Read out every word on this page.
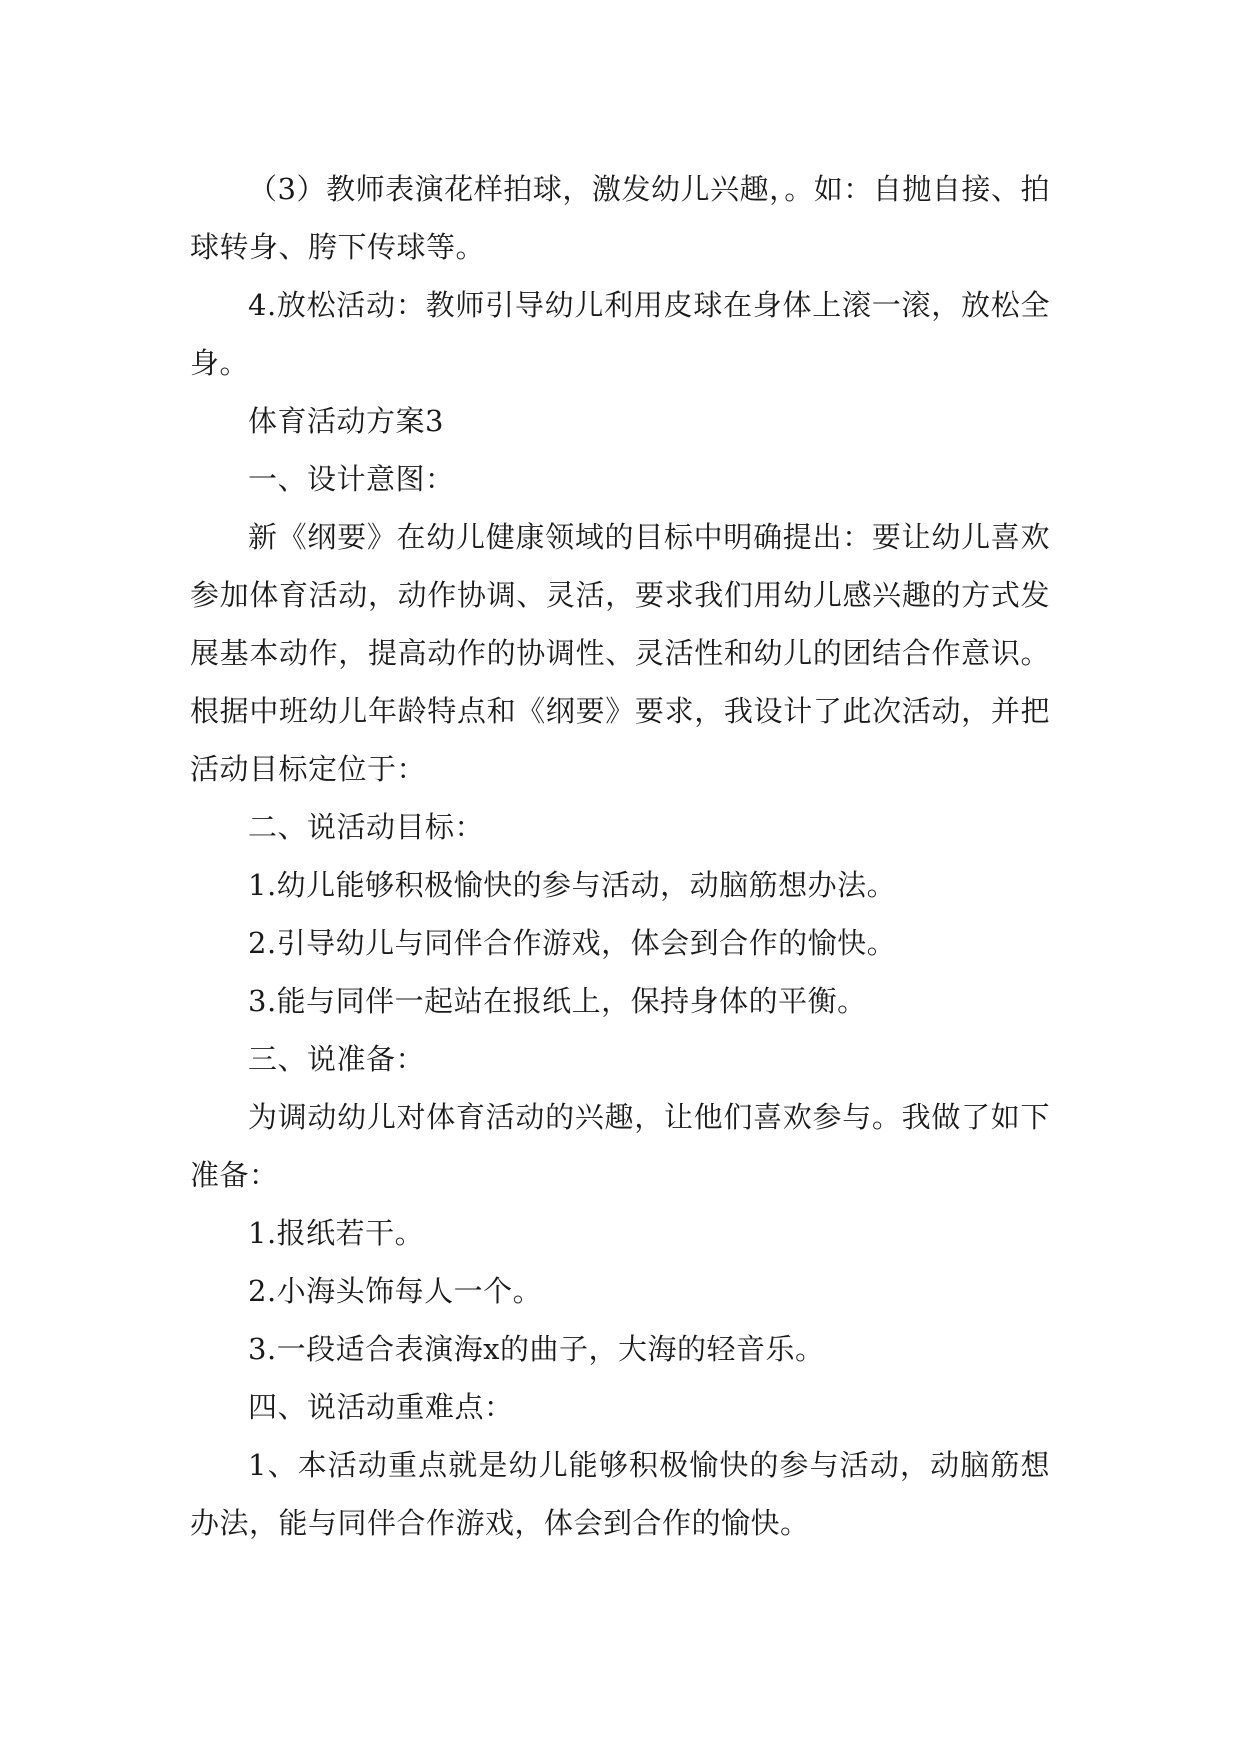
（3）教师表演花样拍球，激发幼儿兴趣，。如：自抛自接、拍球转身、胯下传球等。

4.放松活动：教师引导幼儿利用皮球在身体上滚一滚，放松全身。

体育活动方案3

一、设计意图：

新《纲要》在幼儿健康领域的目标中明确提出：要让幼儿喜欢参加体育活动，动作协调、灵活，要求我们用幼儿感兴趣的方式发展基本动作，提高动作的协调性、灵活性和幼儿的团结合作意识。根据中班幼儿年龄特点和《纲要》要求，我设计了此次活动，并把活动目标定位于：

二、说活动目标：

1.幼儿能够积极愉快的参与活动，动脑筋想办法。

2.引导幼儿与同伴合作游戏，体会到合作的愉快。

3.能与同伴一起站在报纸上，保持身体的平衡。

三、说准备：

为调动幼儿对体育活动的兴趣，让他们喜欢参与。我做了如下准备：

1.报纸若干。

2.小海头饰每人一个。

3.一段适合表演海x的曲子，大海的轻音乐。

四、说活动重难点：

1、本活动重点就是幼儿能够积极愉快的参与活动，动脑筋想办法，能与同伴合作游戏，体会到合作的愉快。
